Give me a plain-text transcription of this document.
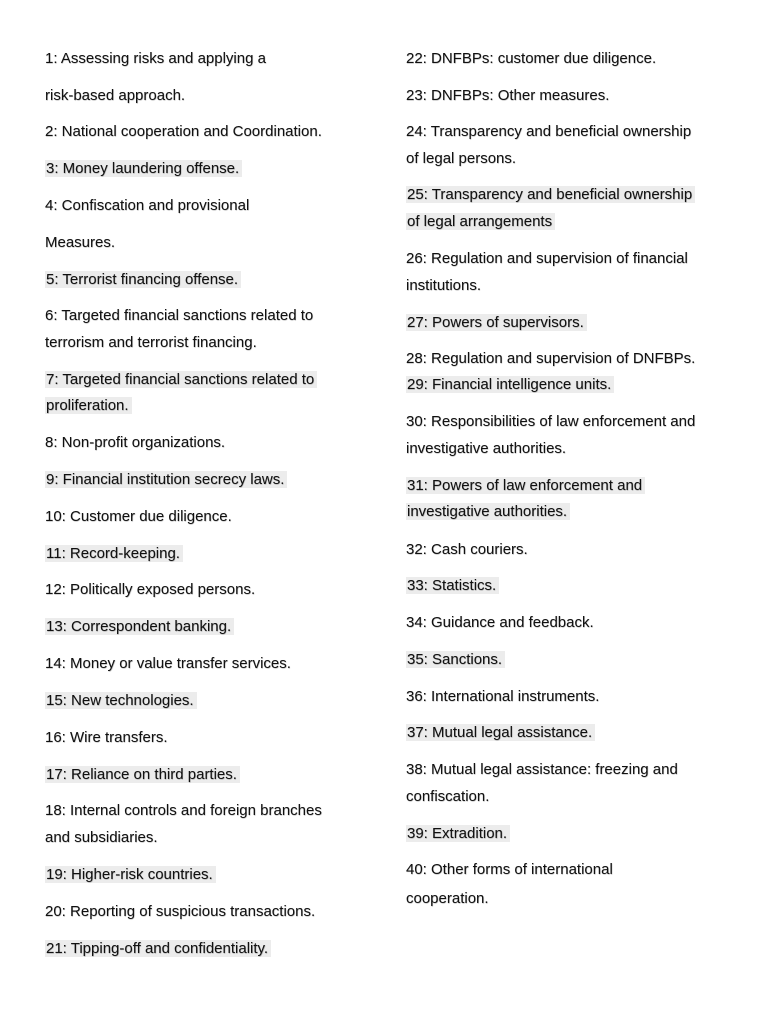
1: Assessing risks and applying a
risk-based approach.
2: National cooperation and Coordination.
3: Money laundering offense.
4: Confiscation and provisional
Measures.
5: Terrorist financing offense.
6: Targeted financial sanctions related to
terrorism and terrorist financing.
7: Targeted financial sanctions related to
proliferation.
8: Non-profit organizations.
9: Financial institution secrecy laws.
10: Customer due diligence.
11: Record-keeping.
12: Politically exposed persons.
13: Correspondent banking.
14: Money or value transfer services.
15: New technologies.
16: Wire transfers.
17: Reliance on third parties.
18: Internal controls and foreign branches
and subsidiaries.
19: Higher-risk countries.
20: Reporting of suspicious transactions.
21: Tipping-off and confidentiality.
22: DNFBPs: customer due diligence.
23: DNFBPs: Other measures.
24: Transparency and beneficial ownership
of legal persons.
25: Transparency and beneficial ownership
of legal arrangements
26: Regulation and supervision of financial
institutions.
27: Powers of supervisors.
28: Regulation and supervision of DNFBPs.
29: Financial intelligence units.
30: Responsibilities of law enforcement and
investigative authorities.
31: Powers of law enforcement and
investigative authorities.
32: Cash couriers.
33: Statistics.
34: Guidance and feedback.
35: Sanctions.
36: International instruments.
37: Mutual legal assistance.
38: Mutual legal assistance: freezing and
confiscation.
39: Extradition.
40: Other forms of international
cooperation.
